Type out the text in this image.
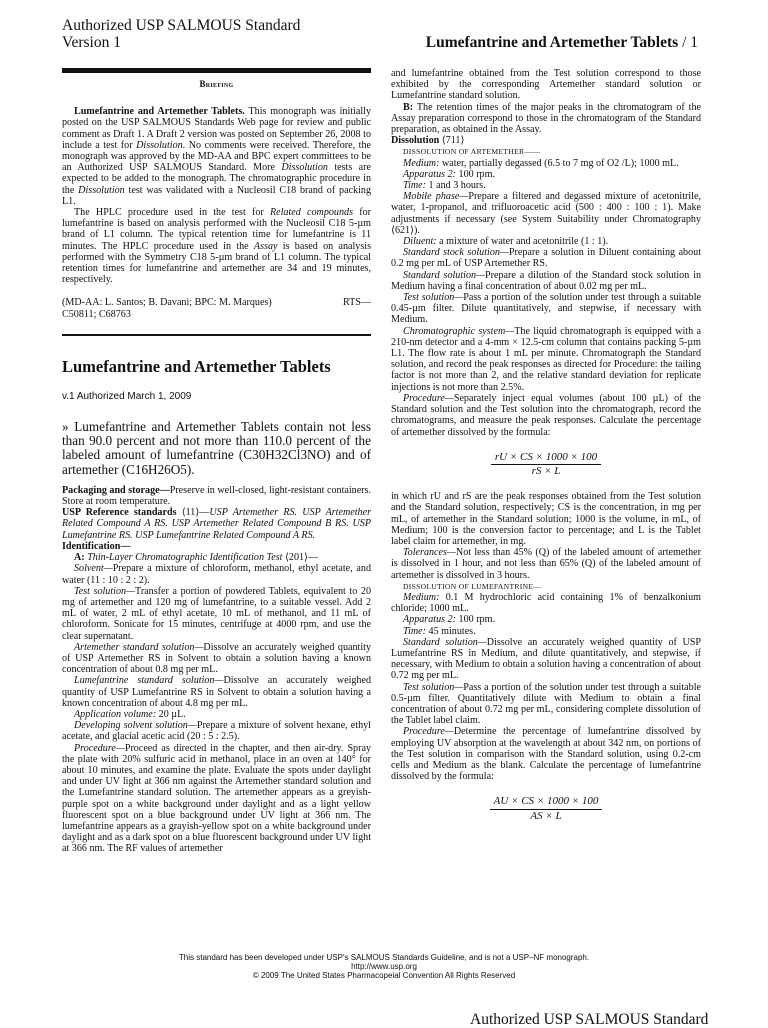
Authorized USP SALMOUS Standard
Version 1	Lumefantrine and Artemether Tablets / 1
Briefing

Lumefantrine and Artemether Tablets. This monograph was initially posted on the USP SALMOUS Standards Web page for review and public comment as Draft 1. A Draft 2 version was posted on September 26, 2008 to include a test for Dissolution. No comments were received. Therefore, the monograph was approved by the MD-AA and BPC expert committees to be an Authorized USP SALMOUS Standard. More Dissolution tests are expected to be added to the monograph. The chromatographic procedure in the Dissolution test was validated with a Nucleosil C18 brand of packing L1.

The HPLC procedure used in the test for Related compounds for lumefantrine is based on analysis performed with the Nucleosil C18 5-µm brand of L1 column. The typical retention time for lumefantrine is 11 minutes. The HPLC procedure used in the Assay is based on analysis performed with the Symmetry C18 5-µm brand of L1 column. The typical retention times for lumefantrine and artemether are 34 and 19 minutes, respectively.

(MD-AA: L. Santos; B. Davani; BPC: M. Marques)	RTS—

C50811; C68763

Lumefantrine and Artemether Tablets
v.1 Authorized March 1, 2009

» Lumefantrine and Artemether Tablets contain not less than 90.0 percent and not more than 110.0 percent of the labeled amount of lumefantrine (C30H32Cl3NO) and of artemether (C16H26O5).

Packaging and storage—Preserve in well-closed, light-resistant containers. Store at room temperature.

USP Reference standards ⟨11⟩—USP Artemether RS. USP Artemether Related Compound A RS. USP Artemether Related Compound B RS. USP Lumefantrine RS. USP Lumefantrine Related Compound A RS.

Identification—

A: Thin-Layer Chromatographic Identification Test ⟨201⟩—

Solvent—Prepare a mixture of chloroform, methanol, ethyl acetate, and water (11 : 10 : 2 : 2).

Test solution—Transfer a portion of powdered Tablets, equivalent to 20 mg of artemether and 120 mg of lumefantrine, to a suitable vessel. Add 2 mL of water, 2 mL of ethyl acetate, 10 mL of methanol, and 11 mL of chloroform. Sonicate for 15 minutes, centrifuge at 4000 rpm, and use the clear supernatant.

Artemether standard solution—Dissolve an accurately weighed quantity of USP Artemether RS in Solvent to obtain a solution having a known concentration of about 0.8 mg per mL.

Lumefantrine standard solution—Dissolve an accurately weighed quantity of USP Lumefantrine RS in Solvent to obtain a solution having a known concentration of about 4.8 mg per mL.

Application volume: 20 µL.

Developing solvent solution—Prepare a mixture of solvent hexane, ethyl acetate, and glacial acetic acid (20 : 5 : 2.5).

Procedure—Proceed as directed in the chapter, and then air-dry. Spray the plate with 20% sulfuric acid in methanol, place in an oven at 140° for about 10 minutes, and examine the plate. Evaluate the spots under daylight and under UV light at 366 nm against the Artemether standard solution and the Lumefantrine standard solution. The artemether appears as a greyish-purple spot on a white background under daylight and as a light yellow fluorescent spot on a blue background under UV light at 366 nm. The lumefantrine appears as a grayish-yellow spot on a white background under daylight and as a dark spot on a blue fluorescent background under UV light at 366 nm. The RF values of artemether

and lumefantrine obtained from the Test solution correspond to those exhibited by the corresponding Artemether standard solution or Lumefantrine standard solution.

B: The retention times of the major peaks in the chromatogram of the Assay preparation correspond to those in the chromatogram of the Standard preparation, as obtained in the Assay.

Dissolution ⟨711⟩

DISSOLUTION OF ARTEMETHER——

Medium: water, partially degassed (6.5 to 7 mg of O2 /L); 1000 mL.

Apparatus 2: 100 rpm.

Time: 1 and 3 hours.

Mobile phase—Prepare a filtered and degassed mixture of acetonitrile, water, 1-propanol, and trifluoroacetic acid (500 : 400 : 100 : 1). Make adjustments if necessary (see System Suitability under Chromatography ⟨621⟩).

Diluent: a mixture of water and acetonitrile (1 : 1).

Standard stock solution—Prepare a solution in Diluent containing about 0.2 mg per mL of USP Artemether RS.

Standard solution—Prepare a dilution of the Standard stock solution in Medium having a final concentration of about 0.02 mg per mL.

Test solution—Pass a portion of the solution under test through a suitable 0.45-µm filter. Dilute quantitatively, and stepwise, if necessary with Medium.

Chromatographic system—The liquid chromatograph is equipped with a 210-nm detector and a 4-mm × 12.5-cm column that contains packing 5-µm L1. The flow rate is about 1 mL per minute. Chromatograph the Standard solution, and record the peak responses as directed for Procedure: the tailing factor is not more than 2, and the relative standard deviation for replicate injections is not more than 2.5%.

Procedure—Separately inject equal volumes (about 100 µL) of the Standard solution and the Test solution into the chromatograph, record the chromatograms, and measure the peak responses. Calculate the percentage of artemether dissolved by the formula:

$\frac{rU \times CS \times 1000 \times 100}{rS \times L}$

in which rU and rS are the peak responses obtained from the Test solution and the Standard solution, respectively; CS is the concentration, in mg per mL, of artemether in the Standard solution; 1000 is the volume, in mL, of Medium; 100 is the conversion factor to percentage; and L is the Tablet label claim for artemether, in mg.

Tolerances—Not less than 45% (Q) of the labeled amount of artemether is dissolved in 1 hour, and not less than 65% (Q) of the labeled amount of artemether is dissolved in 3 hours.

DISSOLUTION OF LUMEFANTRINE—

Medium: 0.1 M hydrochloric acid containing 1% of benzalkonium chloride; 1000 mL.

Apparatus 2: 100 rpm.

Time: 45 minutes.

Standard solution—Dissolve an accurately weighed quantity of USP Lumefantrine RS in Medium, and dilute quantitatively, and stepwise, if necessary, with Medium to obtain a solution having a concentration of about 0.72 mg per mL.

Test solution—Pass a portion of the solution under test through a suitable 0.5-µm filter. Quantitatively dilute with Medium to obtain a final concentration of about 0.72 mg per mL, considering complete dissolution of the Tablet label claim.

Procedure—Determine the percentage of lumefantrine dissolved by employing UV absorption at the wavelength at about 342 nm, on portions of the Test solution in comparison with the Standard solution, using 0.2-cm cells and Medium as the blank. Calculate the percentage of lumefantrine dissolved by the formula:

$\frac{AU \times CS \times 1000 \times 100}{AS \times L}$
This standard has been developed under USP's SALMOUS Standards Guideline, and is not a USP–NF monograph.
http://www.usp.org
© 2009 The United States Pharmacopeial Convention All Rights Reserved
Authorized USP SALMOUS Standard
